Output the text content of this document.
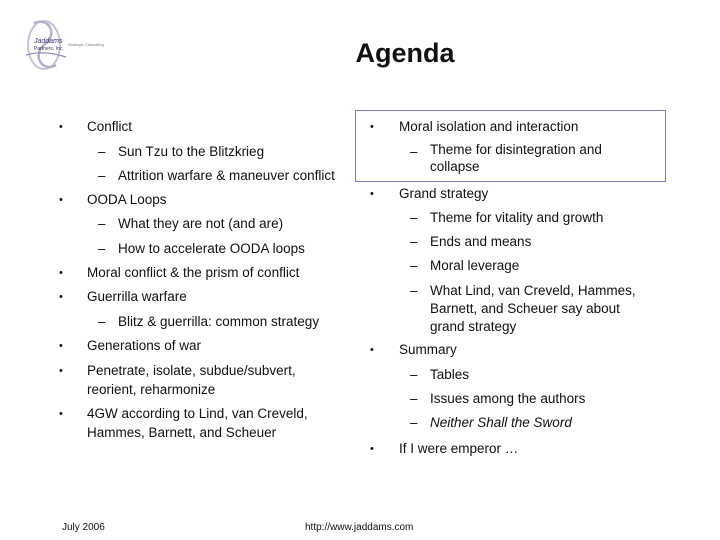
Jaddams
Partners, Inc.
Strategic Consulting	Agenda
• Conflict
– Sun Tzu to the Blitzkrieg
– Attrition warfare & maneuver conflict
• OODA Loops
– What they are not (and are)
– How to accelerate OODA loops
• Moral conflict & the prism of conflict
• Guerrilla warfare
– Blitz & guerrilla: common strategy
• Generations of war
• Penetrate, isolate, subdue/subvert, reorient, reharmonize
• 4GW according to Lind, van Creveld, Hammes, Barnett, and Scheuer
• Moral isolation and interaction
– Theme for disintegration and collapse
• Grand strategy
– Theme for vitality and growth
– Ends and means
– Moral leverage
– What Lind, van Creveld, Hammes, Barnett, and Scheuer say about grand strategy
• Summary
– Tables
– Issues among the authors
– Neither Shall the Sword
• If I were emperor …
July 2006	http://www.jaddams.com
